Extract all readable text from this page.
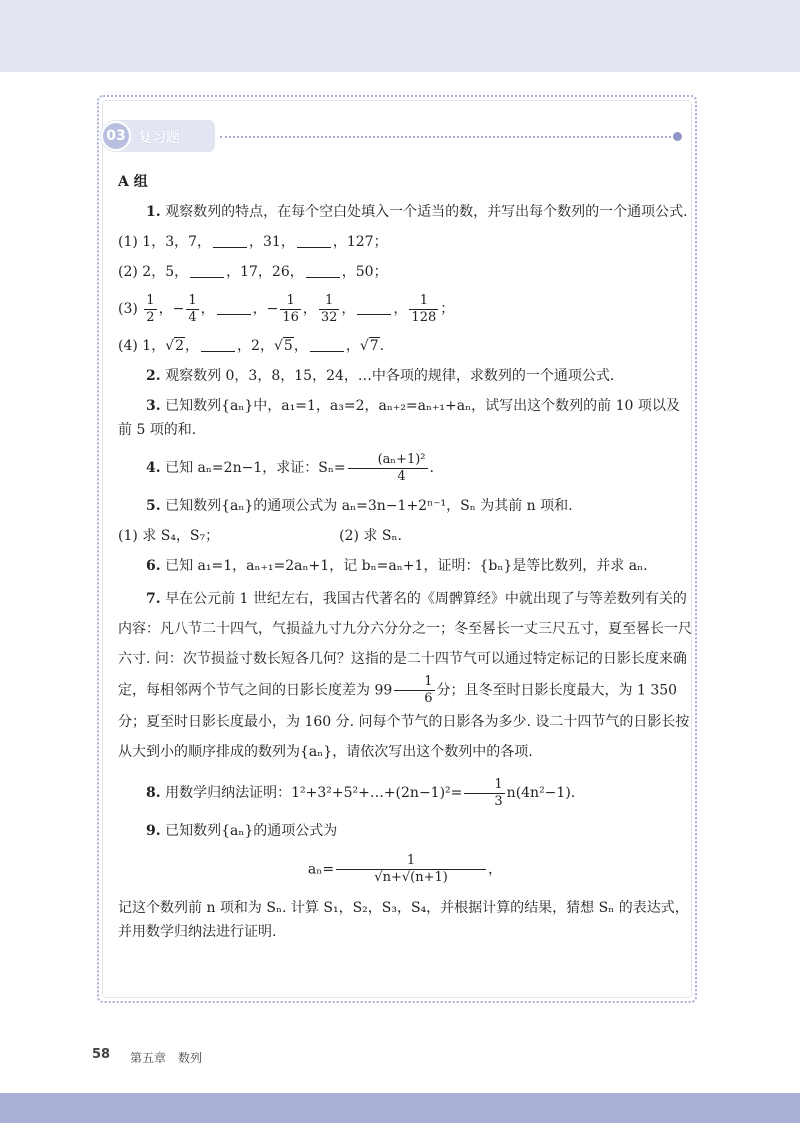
03 复习题

A 组

1. 观察数列的特点，在每个空白处填入一个适当的数，并写出每个数列的一个通项公式.

(1) 1，3，7，	，31，	，127；

(2) 2，5，	，17，26，	，50；

$(3) \frac{1}{2}$ ，− $\frac{1}{4}$ ，	，− $\frac{1}{16}$ ， $\frac{1}{32}$ ，	， $\frac{1}{128}$ ；

(4) 1，√2，	，2，√5，	，√7.

2. 观察数列 0，3，8，15，24，…中各项的规律，求数列的一个通项公式.

3. 已知数列{aₙ}中，a₁=1，a₃=2，aₙ₊₂=aₙ₊₁+aₙ，试写出这个数列的前 10 项以及前 5 项的和.

4. 已知 aₙ=2n−1，求证：$S_n= \frac{\text{(aₙ+1)²}}{4}$ .

5. 已知数列{aₙ}的通项公式为 aₙ=3n−1+2ⁿ⁻¹，Sₙ 为其前 n 项和.

(1) 求 S₄，S₇；	(2) 求 Sₙ.

6. 已知 a₁=1，aₙ₊₁=2aₙ+1，记 bₙ=aₙ+1，证明：{bₙ}是等比数列，并求 aₙ.

7. 早在公元前 1 世纪左右，我国古代著名的《周髀算经》中就出现了与等差数列有关的内容：凡八节二十四气，气损益九寸九分六分分之一；冬至晷长一丈三尺五寸，夏至晷长一尺六寸. 问：次节损益寸数长短各几何？这指的是二十四节气可以通过特定标记的日影长度来确定，每相邻两个节气之间的日影长度差为 $99 \frac{1}{6}$ 分；且冬至时日影长度最大，为 1 350 分；夏至时日影长度最小，为 160 分. 问每个节气的日影各为多少. 设二十四节气的日影长按从大到小的顺序排成的数列为{aₙ}，请依次写出这个数列中的各项.

8. 用数学归纳法证明：1²+3²+5²+…+(2n−1)²= $\frac{1}{3} n(4n^2-1)$.

9. 已知数列{aₙ}的通项公式为

$a_n= \frac{1}{√n+√(n+1)}$ ，

记这个数列前 n 项和为 Sₙ. 计算 S₁，S₂，S₃，S₄，并根据计算的结果，猜想 Sₙ 的表达式，并用数学归纳法进行证明.

58 第五章 数列
